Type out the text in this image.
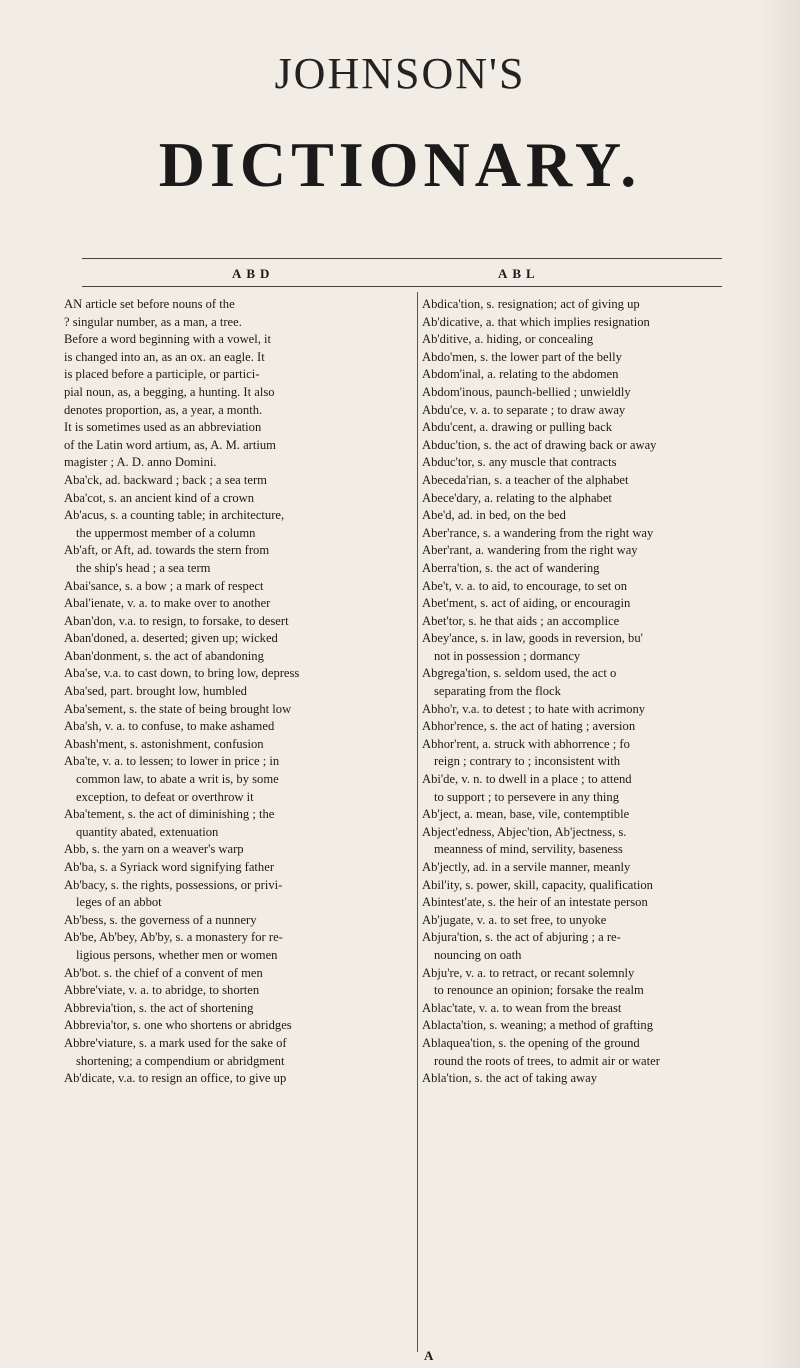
JOHNSON'S
DICTIONARY.
ABD	ABL

AN article set before nouns of the

? singular number, as a man, a tree.

Before a word beginning with a vowel, it

is changed into an, as an ox. an eagle. It

is placed before a participle, or partici-

pial noun, as, a begging, a hunting. It also

denotes proportion, as, a year, a month.

It is sometimes used as an abbreviation

of the Latin word artium, as, A. M. artium

magister ; A. D. anno Domini.

Aba'ck, ad. backward ; back ; a sea term

Aba'cot, s. an ancient kind of a crown

Ab'acus, s. a counting table; in architecture,

the uppermost member of a column

Ab'aft, or Aft, ad. towards the stern from

the ship's head ; a sea term

Abai'sance, s. a bow ; a mark of respect

Abal'ienate, v. a. to make over to another

Aban'don, v.a. to resign, to forsake, to desert

Aban'doned, a. deserted; given up; wicked

Aban'donment, s. the act of abandoning

Aba'se, v.a. to cast down, to bring low, depress

Aba'sed, part. brought low, humbled

Aba'sement, s. the state of being brought low

Aba'sh, v. a. to confuse, to make ashamed

Abash'ment, s. astonishment, confusion

Aba'te, v. a. to lessen; to lower in price ; in

common law, to abate a writ is, by some

exception, to defeat or overthrow it

Aba'tement, s. the act of diminishing ; the

quantity abated, extenuation

Abb, s. the yarn on a weaver's warp

Ab'ba, s. a Syriack word signifying father

Ab'bacy, s. the rights, possessions, or privi-

leges of an abbot

Ab'bess, s. the governess of a nunnery

Ab'be, Ab'bey, Ab'by, s. a monastery for re-

ligious persons, whether men or women

Ab'bot. s. the chief of a convent of men

Abbre'viate, v. a. to abridge, to shorten

Abbrevia'tion, s. the act of shortening

Abbrevia'tor, s. one who shortens or abridges

Abbre'viature, s. a mark used for the sake of

shortening; a compendium or abridgment

Ab'dicate, v.a. to resign an office, to give up

Abdica'tion, s. resignation; act of giving up

Ab'dicative, a. that which implies resignation

Ab'ditive, a. hiding, or concealing

Abdo'men, s. the lower part of the belly

Abdom'inal, a. relating to the abdomen

Abdom'inous, paunch-bellied ; unwieldly

Abdu'ce, v. a. to separate ; to draw away

Abdu'cent, a. drawing or pulling back

Abduc'tion, s. the act of drawing back or away

Abduc'tor, s. any muscle that contracts

Abeceda'rian, s. a teacher of the alphabet

Abece'dary, a. relating to the alphabet

Abe'd, ad. in bed, on the bed

Aber'rance, s. a wandering from the right way

Aber'rant, a. wandering from the right way

Aberra'tion, s. the act of wandering

Abe't, v. a. to aid, to encourage, to set on

Abet'ment, s. act of aiding, or encouragin

Abet'tor, s. he that aids ; an accomplice

Abey'ance, s. in law, goods in reversion, bu'

not in possession ; dormancy

Abgrega'tion, s. seldom used, the act o

separating from the flock

Abho'r, v.a. to detest ; to hate with acrimony

Abhor'rence, s. the act of hating ; aversion

Abhor'rent, a. struck with abhorrence ; fo

reign ; contrary to ; inconsistent with

Abi'de, v. n. to dwell in a place ; to attend

to support ; to persevere in any thing

Ab'ject, a. mean, base, vile, contemptible

Abject'edness, Abjec'tion, Ab'jectness, s.

meanness of mind, servility, baseness

Ab'jectly, ad. in a servile manner, meanly

Abil'ity, s. power, skill, capacity, qualification

Abintest'ate, s. the heir of an intestate person

Ab'jugate, v. a. to set free, to unyoke

Abjura'tion, s. the act of abjuring ; a re-

nouncing on oath

Abju're, v. a. to retract, or recant solemnly

to renounce an opinion; forsake the realm

Ablac'tate, v. a. to wean from the breast

Ablacta'tion, s. weaning; a method of grafting

Ablaquea'tion, s. the opening of the ground

round the roots of trees, to admit air or water

Abla'tion, s. the act of taking away

A
